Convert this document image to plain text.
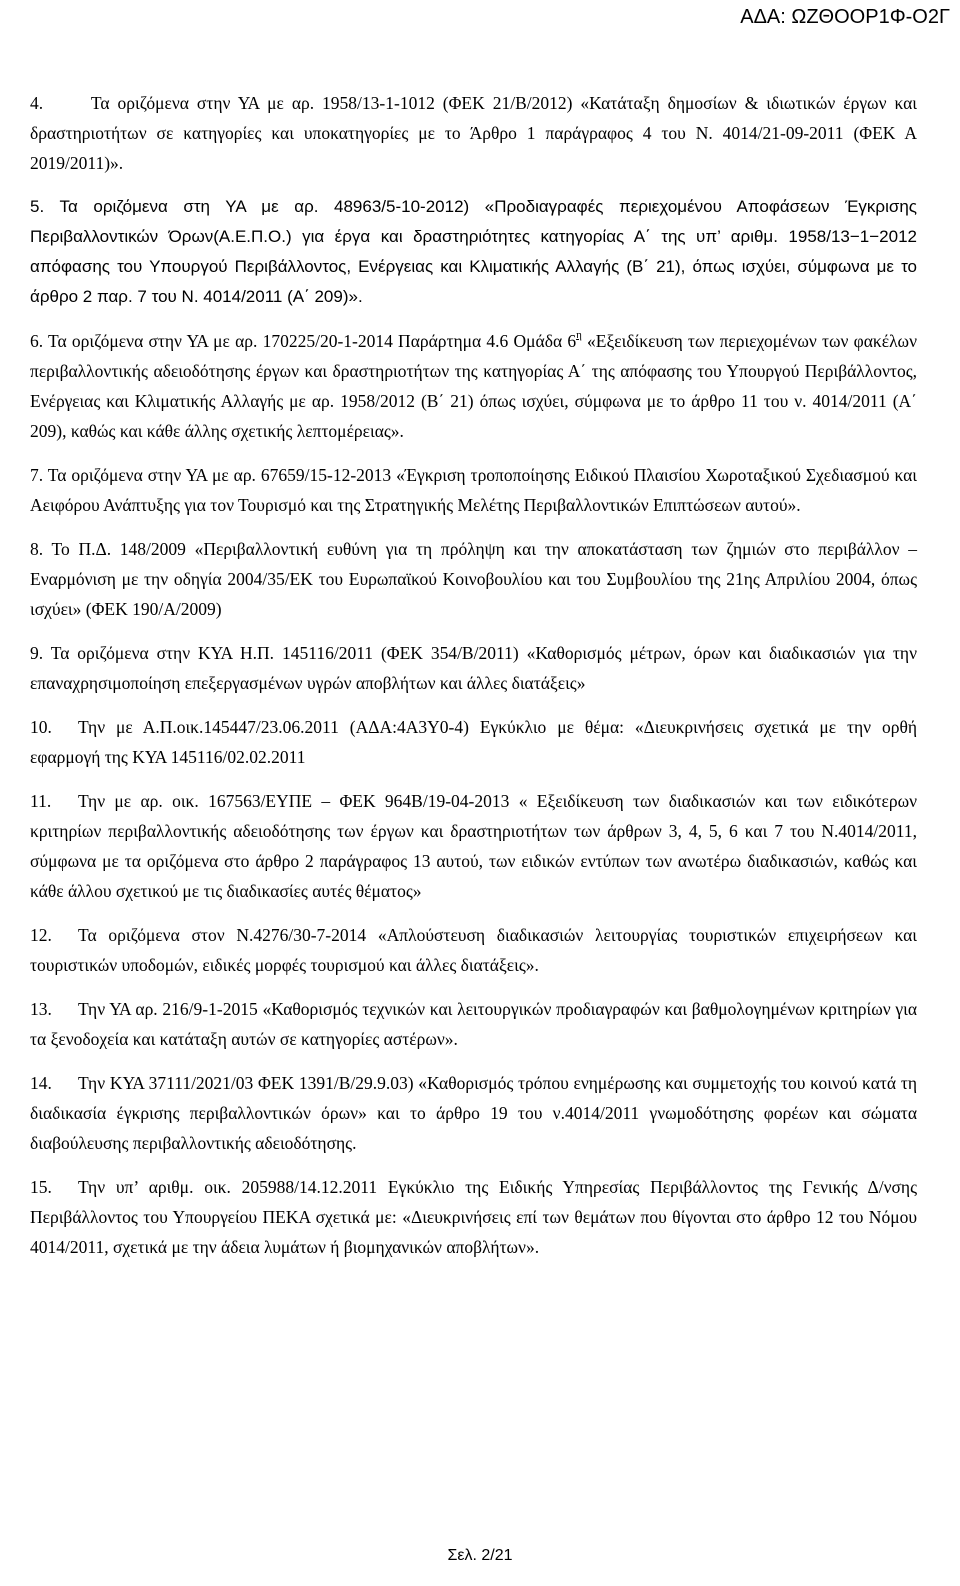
ΑΔΑ: ΩΖΘΟΟΡ1Φ-Ο2Γ

4.	Τα οριζόμενα στην ΥΑ με αρ. 1958/13-1-1012 (ΦΕΚ 21/Β/2012) «Κατάταξη δημοσίων & ιδιωτικών έργων και δραστηριοτήτων σε κατηγορίες και υποκατηγορίες με το Άρθρο 1 παράγραφος 4 του Ν. 4014/21-09-2011 (ΦΕΚ Α 2019/2011)».

5. Τα οριζόμενα στη ΥΑ με αρ. 48963/5-10-2012) «Προδιαγραφές περιεχομένου Αποφάσεων Έγκρισης Περιβαλλοντικών Όρων(Α.Ε.Π.Ο.) για έργα και δραστηριότητες κατηγορίας Α΄ της υπ’ αριθμ. 1958/13−1−2012 απόφασης του Υπουργού Περιβάλλοντος, Ενέργειας και Κλιματικής Αλλαγής (Β΄ 21), όπως ισχύει, σύμφωνα με το άρθρο 2 παρ. 7 του Ν. 4014/2011 (Α΄ 209)».

6. Τα οριζόμενα στην ΥΑ με αρ. 170225/20-1-2014 Παράρτημα 4.6 Ομάδα $6^\eta$ «Εξειδίκευση των περιεχομένων των φακέλων περιβαλλοντικής αδειοδότησης έργων και δραστηριοτήτων της κατηγορίας Α΄ της απόφασης του Υπουργού Περιβάλλοντος, Ενέργειας και Κλιματικής Αλλαγής με αρ. 1958/2012 (Β΄ 21) όπως ισχύει, σύμφωνα με το άρθρο 11 του ν. 4014/2011 (Α΄ 209), καθώς και κάθε άλλης σχετικής λεπτομέρειας».

7. Τα οριζόμενα στην ΥΑ με αρ. 67659/15-12-2013 «Έγκριση τροποποίησης Ειδικού Πλαισίου Χωροταξικού Σχεδιασμού και Αειφόρου Ανάπτυξης για τον Τουρισμό και της Στρατηγικής Μελέτης Περιβαλλοντικών Επιπτώσεων αυτού».

8. Το Π.Δ. 148/2009 «Περιβαλλοντική ευθύνη για τη πρόληψη και την αποκατάσταση των ζημιών στο περιβάλλον – Εναρμόνιση με την οδηγία 2004/35/ΕΚ του Ευρωπαϊκού Κοινοβουλίου και του Συμβουλίου της 21ης Απριλίου 2004, όπως ισχύει» (ΦΕΚ 190/Α/2009)

9. Τα οριζόμενα στην ΚΥΑ Η.Π. 145116/2011 (ΦΕΚ 354/Β/2011) «Καθορισμός μέτρων, όρων και διαδικασιών για την επαναχρησιμοποίηση επεξεργασμένων υγρών αποβλήτων και άλλες διατάξεις»

10. Την με Α.Π.οικ.145447/23.06.2011 (ΑΔΑ:4Α3Υ0-4) Εγκύκλιο με θέμα: «Διευκρινήσεις σχετικά με την ορθή εφαρμογή της ΚΥΑ 145116/02.02.2011

11. Την με αρ. οικ. 167563/ΕΥΠΕ – ΦΕΚ 964Β/19-04-2013 « Εξειδίκευση των διαδικασιών και των ειδικότερων κριτηρίων περιβαλλοντικής αδειοδότησης των έργων και δραστηριοτήτων των άρθρων 3, 4, 5, 6 και 7 του Ν.4014/2011, σύμφωνα με τα οριζόμενα στο άρθρο 2 παράγραφος 13 αυτού, των ειδικών εντύπων των ανωτέρω διαδικασιών, καθώς και κάθε άλλου σχετικού με τις διαδικασίες αυτές θέματος»

12. Τα οριζόμενα στον Ν.4276/30-7-2014 «Απλούστευση διαδικασιών λειτουργίας τουριστικών επιχειρήσεων και τουριστικών υποδομών, ειδικές μορφές τουρισμού και άλλες διατάξεις».

13. Την ΥΑ αρ. 216/9-1-2015 «Καθορισμός τεχνικών και λειτουργικών προδιαγραφών και βαθμολογημένων κριτηρίων για τα ξενοδοχεία και κατάταξη αυτών σε κατηγορίες αστέρων».

14. Την ΚΥΑ 37111/2021/03 ΦΕΚ 1391/Β/29.9.03) «Καθορισμός τρόπου ενημέρωσης και συμμετοχής του κοινού κατά τη διαδικασία έγκρισης περιβαλλοντικών όρων» και το άρθρο 19 του ν.4014/2011 γνωμοδότησης φορέων και σώματα διαβούλευσης περιβαλλοντικής αδειοδότησης.

15. Την υπ’ αριθμ. οικ. 205988/14.12.2011 Εγκύκλιο της Ειδικής Υπηρεσίας Περιβάλλοντος της Γενικής Δ/νσης Περιβάλλοντος του Υπουργείου ΠΕΚΑ σχετικά με: «Διευκρινήσεις επί των θεμάτων που θίγονται στο άρθρο 12 του Νόμου 4014/2011, σχετικά με την άδεια λυμάτων ή βιομηχανικών αποβλήτων».

Σελ. 2/21
